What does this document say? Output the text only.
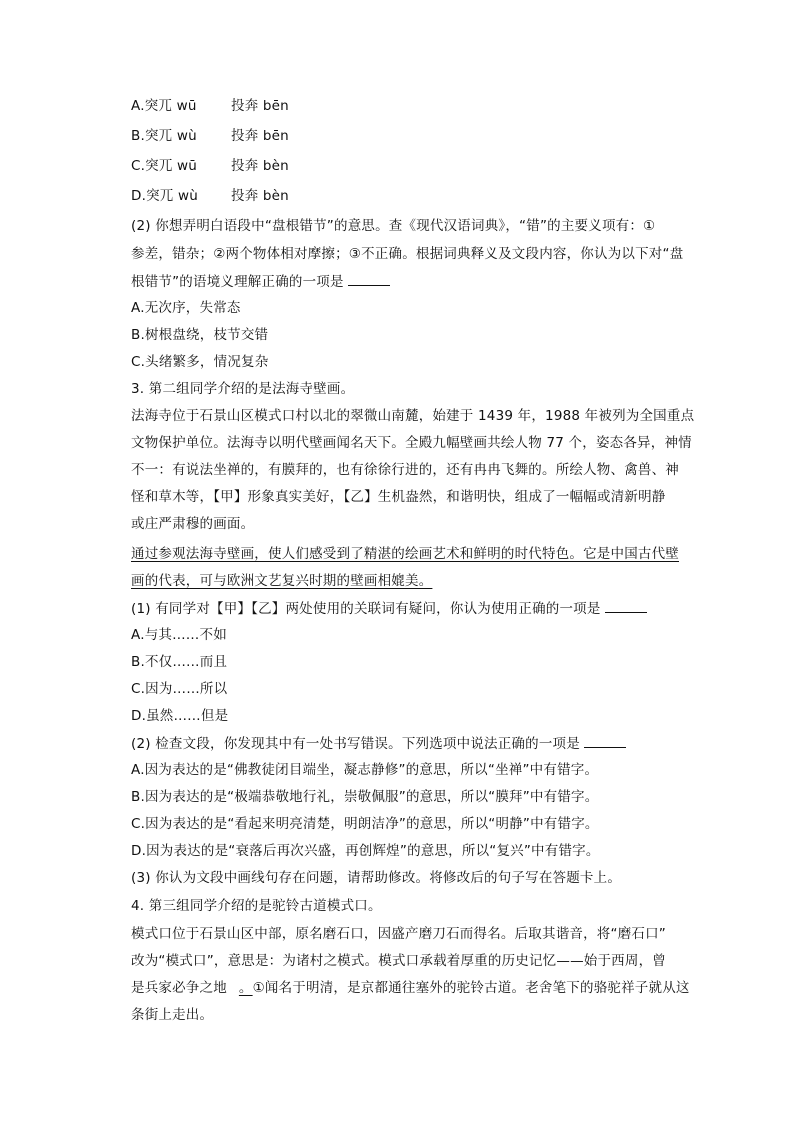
A.突兀 wū	投奔 bēn
B.突兀 wù	投奔 bēn
C.突兀 wū	投奔 bèn
D.突兀 wù 投奔 bèn
(2) 你想弄明白语段中“盘根错节”的意思。查《现代汉语词典》，“错”的主要义项有：①
参差，错杂；②两个物体相对摩擦；③不正确。根据词典释义及文段内容，你认为以下对“盘
根错节”的语境义理解正确的一项是
A.无次序，失常态
B.树根盘绕，枝节交错
C.头绪繁多，情况复杂
3. 第二组同学介绍的是法海寺壁画。
法海寺位于石景山区模式口村以北的翠微山南麓，始建于 1439 年，1988 年被列为全国重点
文物保护单位。法海寺以明代壁画闻名天下。全殿九幅壁画共绘人物 77 个，姿态各异，神情
不一：有说法坐禅的，有膜拜的，也有徐徐行进的，还有冉冉飞舞的。所绘人物、禽兽、神
怪和草木等，【甲】形象真实美好，【乙】生机盎然，和谐明快，组成了一幅幅或清新明静
或庄严肃穆的画面。
通过参观法海寺壁画，使人们感受到了精湛的绘画艺术和鲜明的时代特色。它是中国古代壁
画的代表，可与欧洲文艺复兴时期的壁画相媲美。
(1) 有同学对【甲】【乙】两处使用的关联词有疑问，你认为使用正确的一项是
A.与其……不如
B.不仅……而且
C.因为……所以
D.虽然……但是
(2) 检查文段，你发现其中有一处书写错误。下列选项中说法正确的一项是
A.因为表达的是“佛教徒闭目端坐，凝志静修”的意思，所以“坐禅”中有错字。
B.因为表达的是“极端恭敬地行礼，崇敬佩服”的意思，所以“膜拜”中有错字。
C.因为表达的是“看起来明亮清楚，明朗洁净”的意思，所以“明静”中有错字。
D.因为表达的是“衰落后再次兴盛，再创辉煌”的意思，所以“复兴”中有错字。
(3) 你认为文段中画线句存在问题，请帮助修改。将修改后的句子写在答题卡上。
4. 第三组同学介绍的是驼铃古道模式口。
模式口位于石景山区中部，原名磨石口，因盛产磨刀石而得名。后取其谐音，将“磨石口”
改为“模式口”，意思是：为诸村之模式。模式口承载着厚重的历史记忆——始于西周，曾
是兵家必争之地 。①闻名于明清，是京都通往塞外的驼铃古道。老舍笔下的骆驼祥子就从这
条街上走出。
